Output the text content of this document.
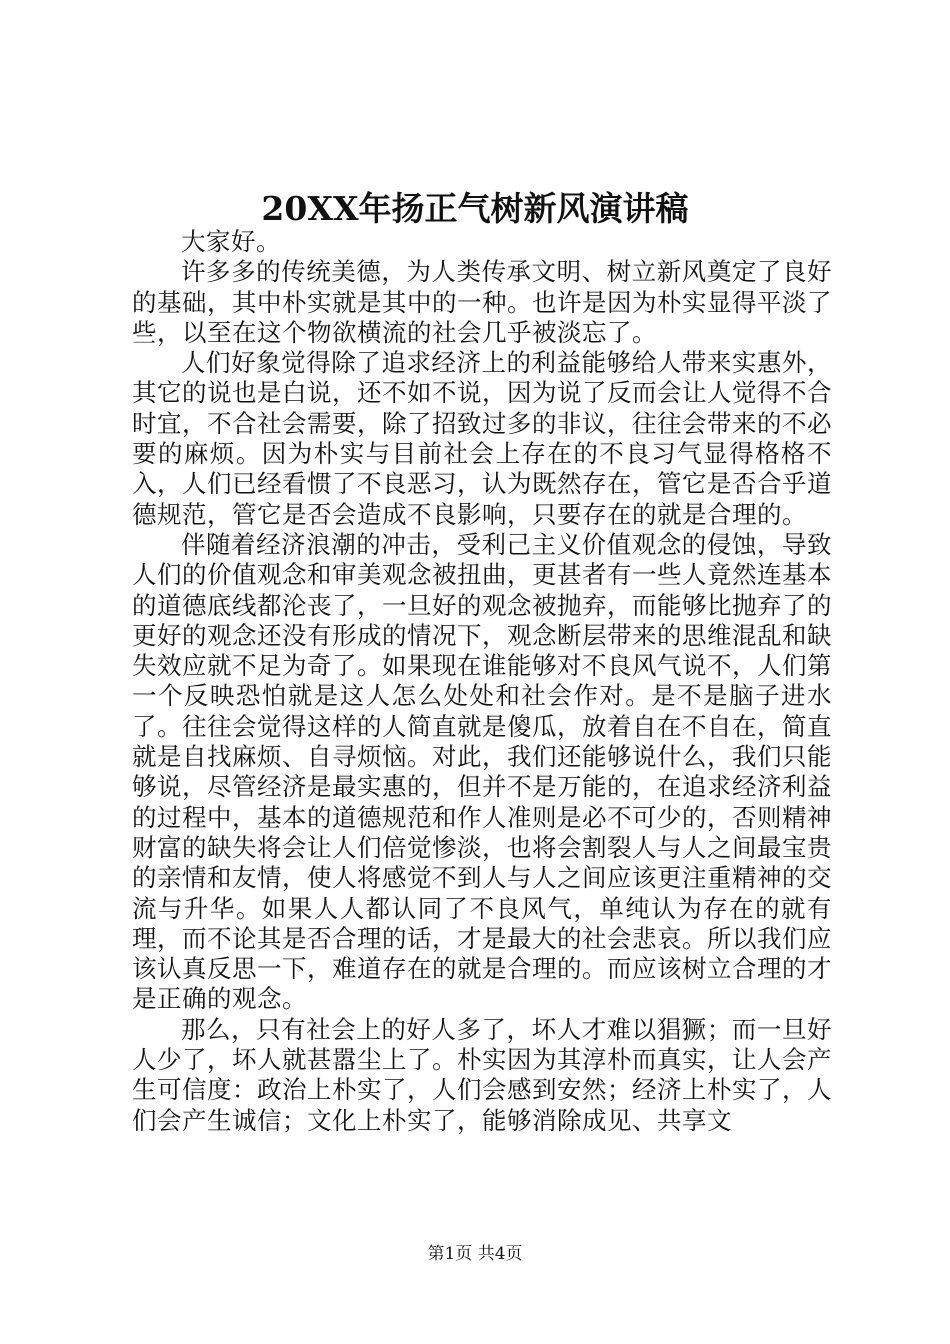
20XX年扬正气树新风演讲稿

大家好。

许多多的传统美德，为人类传承文明、树立新风奠定了良好的基础，其中朴实就是其中的一种。也许是因为朴实显得平淡了些，以至在这个物欲横流的社会几乎被淡忘了。

人们好象觉得除了追求经济上的利益能够给人带来实惠外，其它的说也是白说，还不如不说，因为说了反而会让人觉得不合时宜，不合社会需要，除了招致过多的非议，往往会带来的不必要的麻烦。因为朴实与目前社会上存在的不良习气显得格格不入，人们已经看惯了不良恶习，认为既然存在，管它是否合乎道德规范，管它是否会造成不良影响，只要存在的就是合理的。

伴随着经济浪潮的冲击，受利己主义价值观念的侵蚀，导致人们的价值观念和审美观念被扭曲，更甚者有一些人竟然连基本的道德底线都沦丧了，一旦好的观念被抛弃，而能够比抛弃了的更好的观念还没有形成的情况下，观念断层带来的思维混乱和缺失效应就不足为奇了。如果现在谁能够对不良风气说不，人们第一个反映恐怕就是这人怎么处处和社会作对。是不是脑子进水了。往往会觉得这样的人简直就是傻瓜，放着自在不自在，简直就是自找麻烦、自寻烦恼。对此，我们还能够说什么，我们只能够说，尽管经济是最实惠的，但并不是万能的，在追求经济利益的过程中，基本的道德规范和作人准则是必不可少的，否则精神财富的缺失将会让人们倍觉惨淡，也将会割裂人与人之间最宝贵的亲情和友情，使人将感觉不到人与人之间应该更注重精神的交流与升华。如果人人都认同了不良风气，单纯认为存在的就有理，而不论其是否合理的话，才是最大的社会悲哀。所以我们应该认真反思一下，难道存在的就是合理的。而应该树立合理的才是正确的观念。

那么，只有社会上的好人多了，坏人才难以猖獗；而一旦好人少了，坏人就甚嚣尘上了。朴实因为其淳朴而真实，让人会产生可信度：政治上朴实了，人们会感到安然；经济上朴实了，人们会产生诚信；文化上朴实了，能够消除成见、共享文

第1页 共4页
